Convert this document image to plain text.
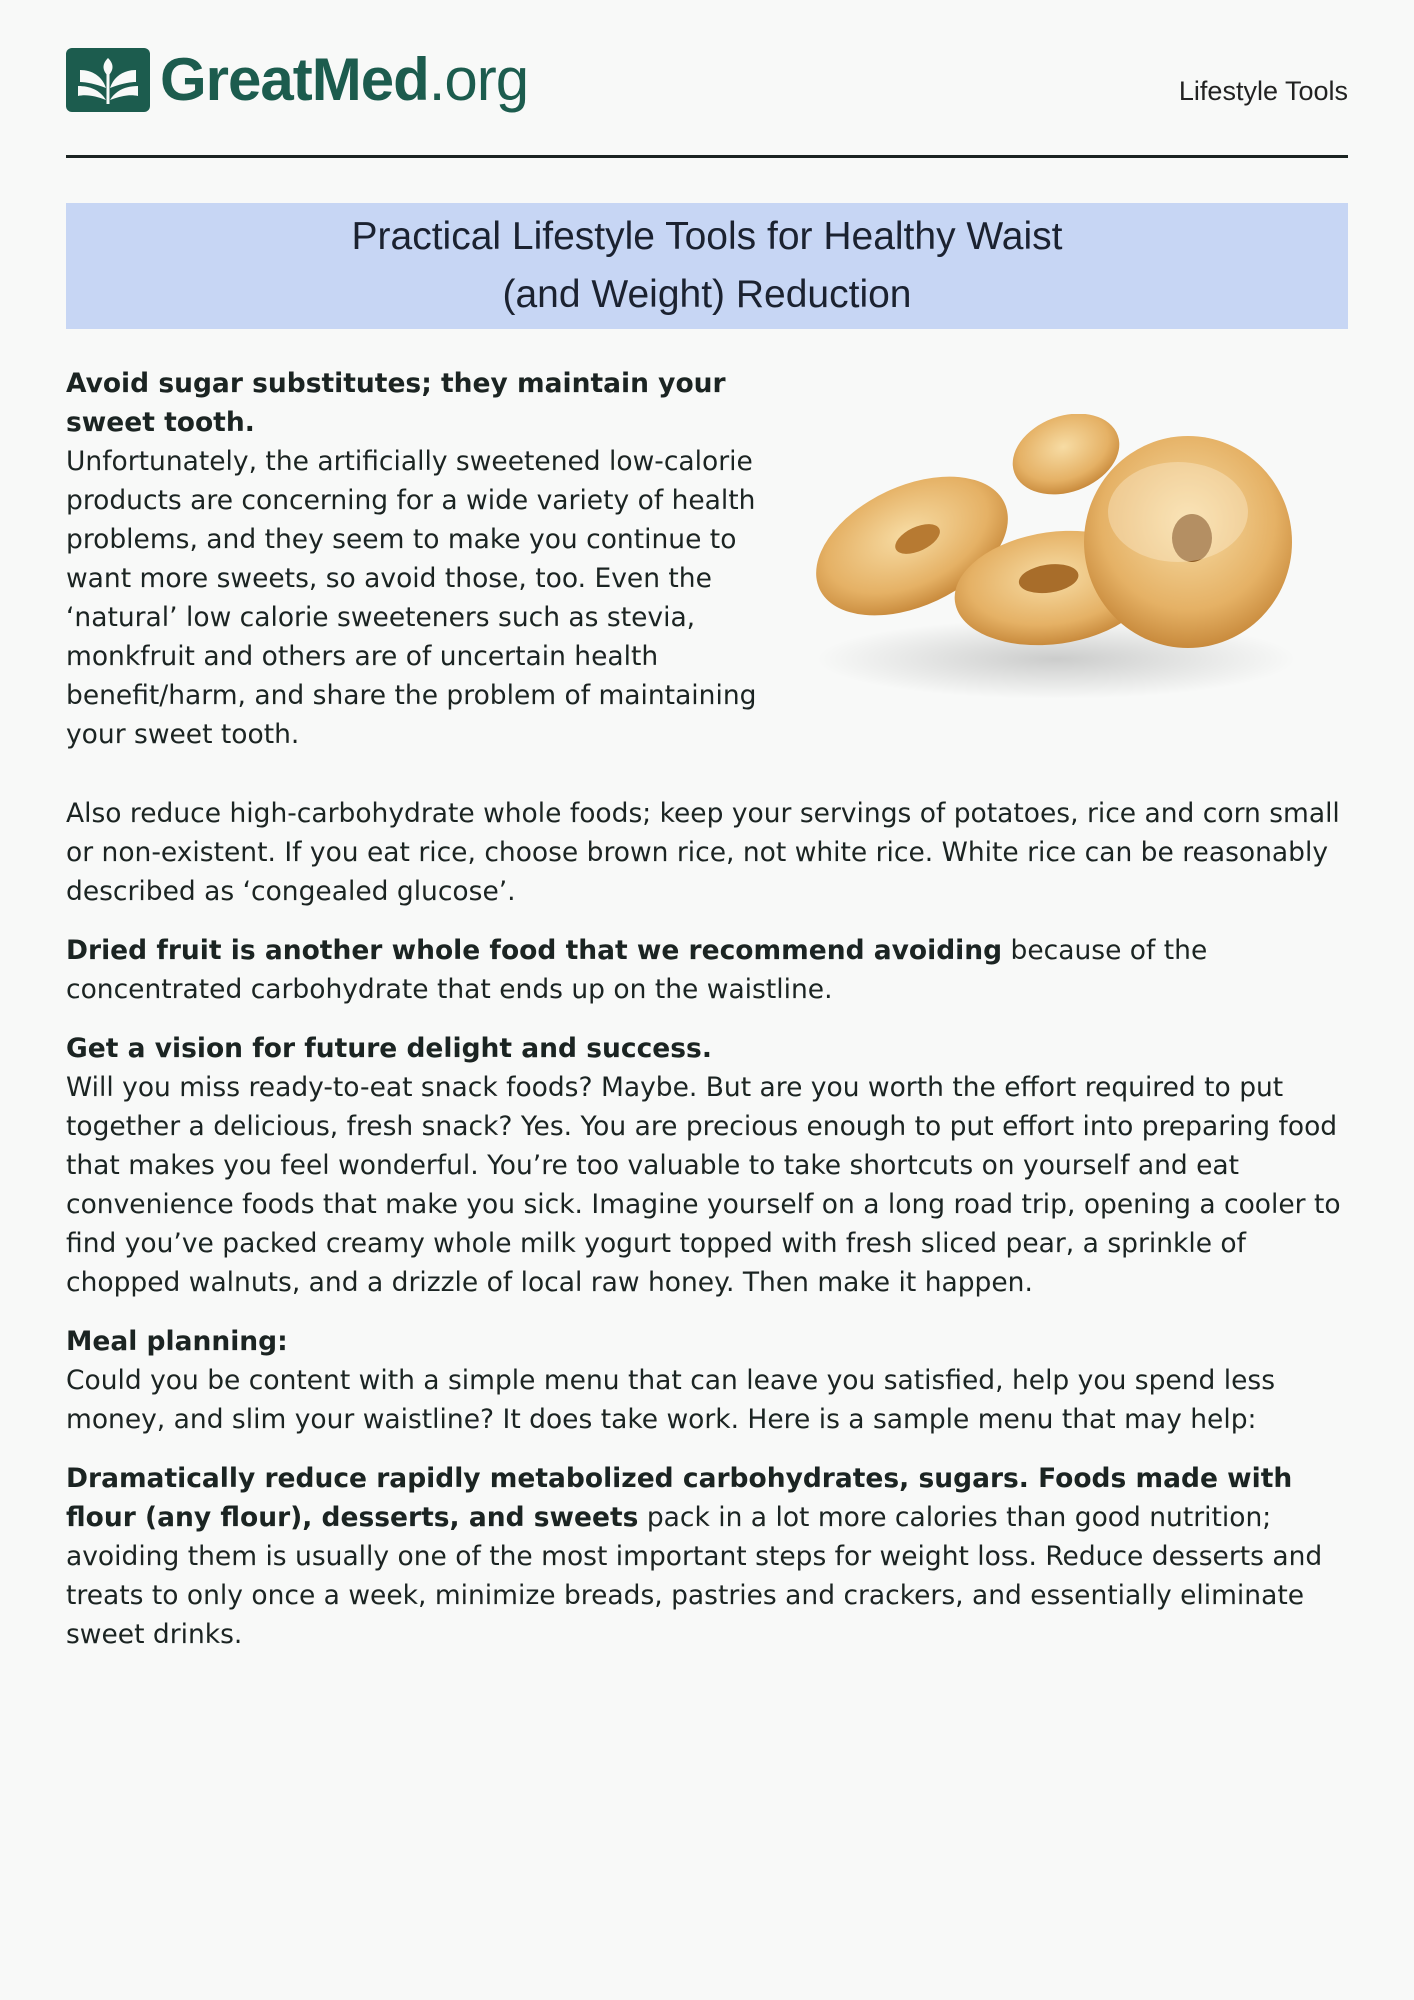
GreatMed.org	Lifestyle Tools
Practical Lifestyle Tools for Healthy Waist
(and Weight) Reduction

Avoid sugar substitutes; they maintain your sweet tooth.
Unfortunately, the artificially sweetened low-calorie products are concerning for a wide variety of health problems, and they seem to make you continue to want more sweets, so avoid those, too. Even the ‘natural’ low calorie sweeteners such as stevia, monkfruit and others are of uncertain health benefit/harm, and share the problem of maintaining your sweet tooth.

Also reduce high-carbohydrate whole foods; keep your servings of potatoes, rice and corn small or non-existent. If you eat rice, choose brown rice, not white rice. White rice can be reasonably described as ‘congealed glucose’.

Dried fruit is another whole food that we recommend avoiding because of the concentrated carbohydrate that ends up on the waistline.

Get a vision for future delight and success.
Will you miss ready-to-eat snack foods? Maybe. But are you worth the effort required to put together a delicious, fresh snack? Yes. You are precious enough to put effort into preparing food that makes you feel wonderful. You’re too valuable to take shortcuts on yourself and eat convenience foods that make you sick. Imagine yourself on a long road trip, opening a cooler to find you’ve packed creamy whole milk yogurt topped with fresh sliced pear, a sprinkle of chopped walnuts, and a drizzle of local raw honey. Then make it happen.

Meal planning:
Could you be content with a simple menu that can leave you satisfied, help you spend less money, and slim your waistline? It does take work. Here is a sample menu that may help:

Dramatically reduce rapidly metabolized carbohydrates, sugars. Foods made with flour (any flour), desserts, and sweets pack in a lot more calories than good nutrition; avoiding them is usually one of the most important steps for weight loss. Reduce desserts and treats to only once a week, minimize breads, pastries and crackers, and essentially eliminate sweet drinks.
